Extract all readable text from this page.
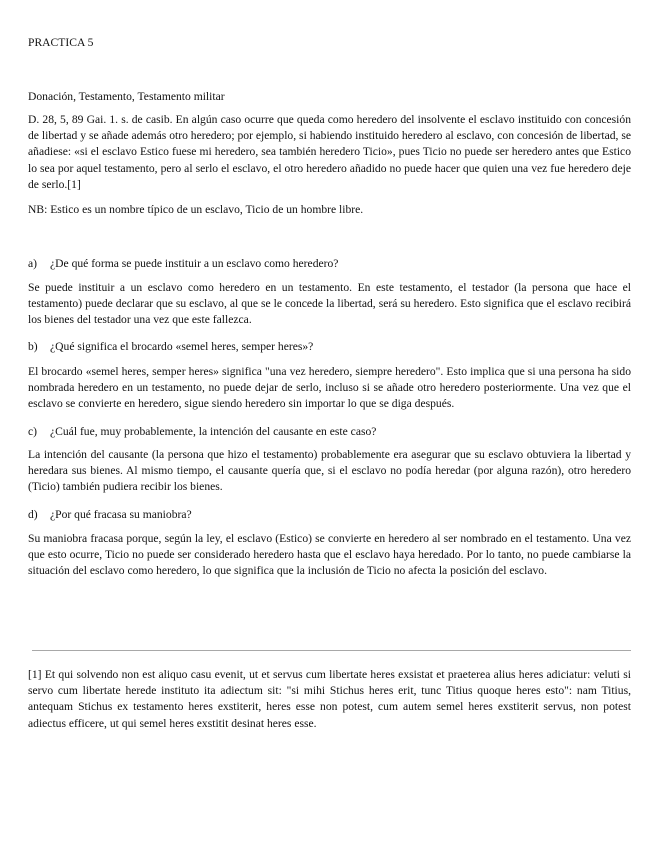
PRACTICA 5

Donación, Testamento, Testamento militar

D. 28, 5, 89 Gai. 1. s. de casib. En algún caso ocurre que queda como heredero del insolvente el esclavo instituido con concesión de libertad y se añade además otro heredero; por ejemplo, si habiendo instituido heredero al esclavo, con concesión de libertad, se añadiese: «si el esclavo Estico fuese mi heredero, sea también heredero Ticio», pues Ticio no puede ser heredero antes que Estico lo sea por aquel testamento, pero al serlo el esclavo, el otro heredero añadido no puede hacer que quien una vez fue heredero deje de serlo.[1]

NB: Estico es un nombre típico de un esclavo, Ticio de un hombre libre.

a) ¿De qué forma se puede instituir a un esclavo como heredero?

Se puede instituir a un esclavo como heredero en un testamento. En este testamento, el testador (la persona que hace el testamento) puede declarar que su esclavo, al que se le concede la libertad, será su heredero. Esto significa que el esclavo recibirá los bienes del testador una vez que este fallezca.

b) ¿Qué significa el brocardo «semel heres, semper heres»?

El brocardo «semel heres, semper heres» significa "una vez heredero, siempre heredero". Esto implica que si una persona ha sido nombrada heredero en un testamento, no puede dejar de serlo, incluso si se añade otro heredero posteriormente. Una vez que el esclavo se convierte en heredero, sigue siendo heredero sin importar lo que se diga después.

c) ¿Cuál fue, muy probablemente, la intención del causante en este caso?

La intención del causante (la persona que hizo el testamento) probablemente era asegurar que su esclavo obtuviera la libertad y heredara sus bienes. Al mismo tiempo, el causante quería que, si el esclavo no podía heredar (por alguna razón), otro heredero (Ticio) también pudiera recibir los bienes.

d) ¿Por qué fracasa su maniobra?

Su maniobra fracasa porque, según la ley, el esclavo (Estico) se convierte en heredero al ser nombrado en el testamento. Una vez que esto ocurre, Ticio no puede ser considerado heredero hasta que el esclavo haya heredado. Por lo tanto, no puede cambiarse la situación del esclavo como heredero, lo que significa que la inclusión de Ticio no afecta la posición del esclavo.

[1] Et qui solvendo non est aliquo casu evenit, ut et servus cum libertate heres exsistat et praeterea alius heres adiciatur: veluti si servo cum libertate herede instituto ita adiectum sit: "si mihi Stichus heres erit, tunc Titius quoque heres esto": nam Titius, antequam Stichus ex testamento heres exstiterit, heres esse non potest, cum autem semel heres exstiterit servus, non potest adiectus efficere, ut qui semel heres exstitit desinat heres esse.
